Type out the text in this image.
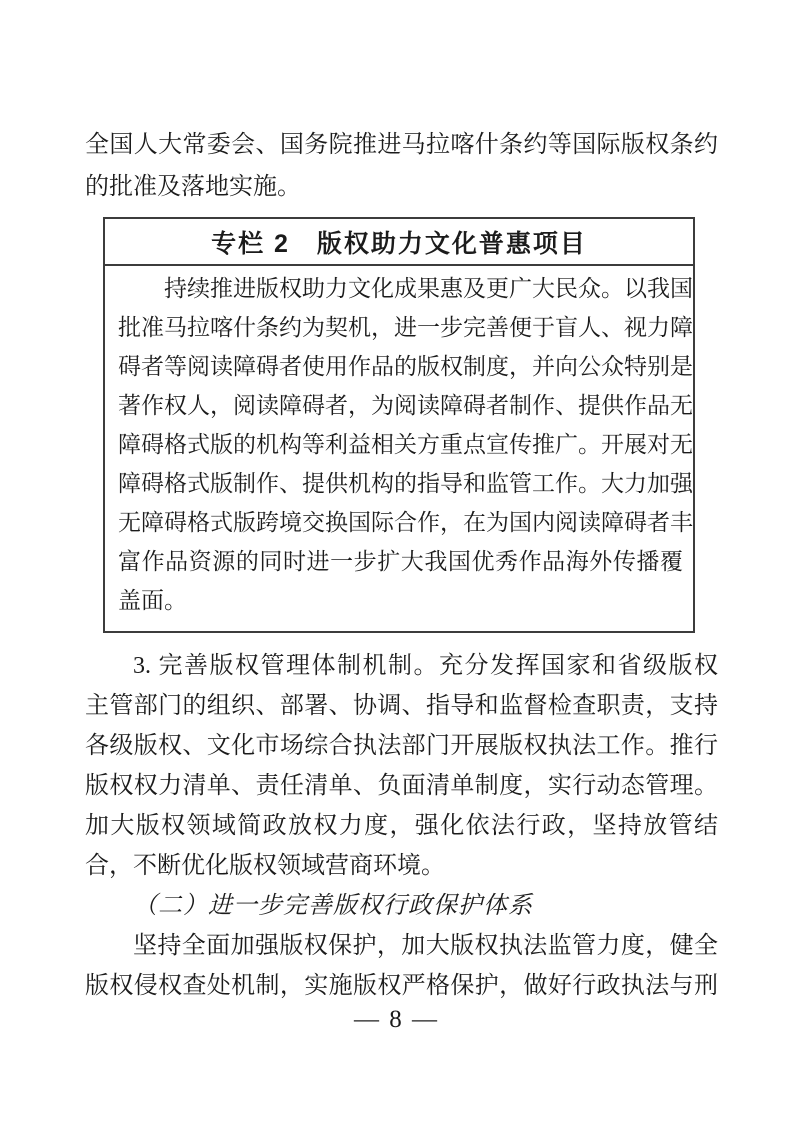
全国人大常委会、国务院推进马拉喀什条约等国际版权条约
的批准及落地实施。
专栏 2　版权助力文化普惠项目
持续推进版权助力文化成果惠及更广大民众。以我国
批准马拉喀什条约为契机，进一步完善便于盲人、视力障
碍者等阅读障碍者使用作品的版权制度，并向公众特别是
著作权人，阅读障碍者，为阅读障碍者制作、提供作品无
障碍格式版的机构等利益相关方重点宣传推广。开展对无
障碍格式版制作、提供机构的指导和监管工作。大力加强
无障碍格式版跨境交换国际合作，在为国内阅读障碍者丰
富作品资源的同时进一步扩大我国优秀作品海外传播覆
盖面。
3. 完善版权管理体制机制。充分发挥国家和省级版权
主管部门的组织、部署、协调、指导和监督检查职责，支持
各级版权、文化市场综合执法部门开展版权执法工作。推行
版权权力清单、责任清单、负面清单制度，实行动态管理。
加大版权领域简政放权力度，强化依法行政，坚持放管结
合，不断优化版权领域营商环境。
（二）进一步完善版权行政保护体系
坚持全面加强版权保护，加大版权执法监管力度，健全
版权侵权查处机制，实施版权严格保护，做好行政执法与刑
— 8 —
